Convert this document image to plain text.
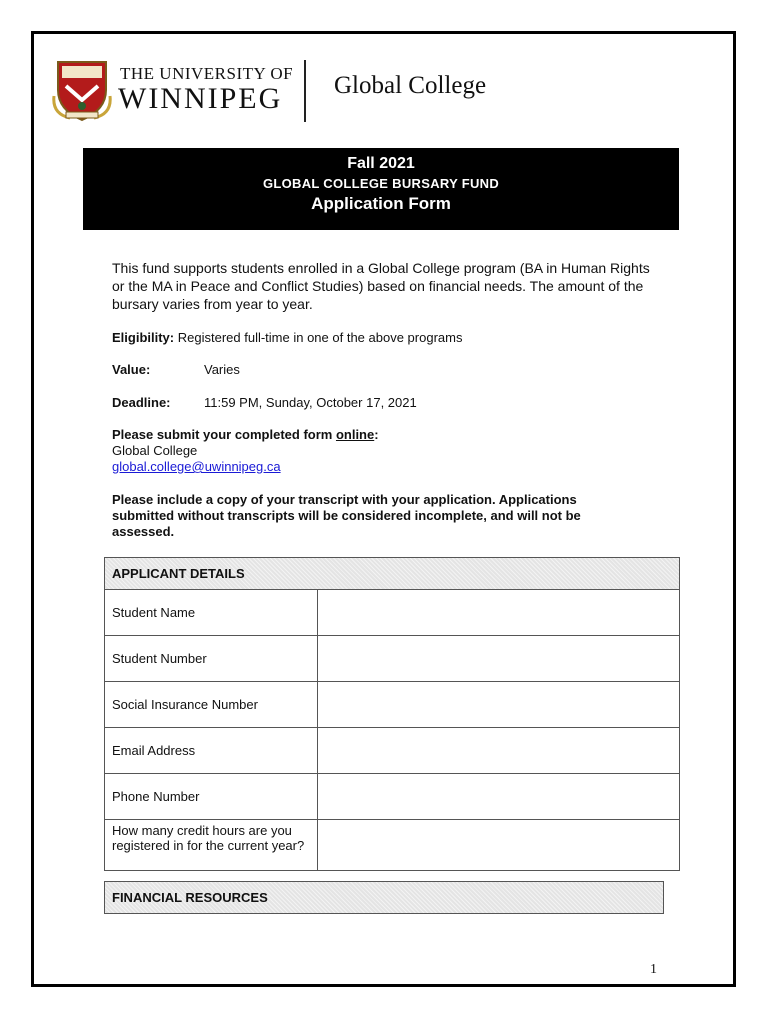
THE UNIVERSITY OF
WINNIPEG Global College
Fall 2021
GLOBAL COLLEGE BURSARY FUND
Application Form
This fund supports students enrolled in a Global College program (BA in Human Rights or the MA in Peace and Conflict Studies) based on financial needs. The amount of the bursary varies from year to year.
Eligibility: Registered full-time in one of the above programs
Value:	Varies
Deadline:	11:59 PM, Sunday, October 17, 2021
Please submit your completed form online:
Global College
global.college@uwinnipeg.ca
Please include a copy of your transcript with your application. Applications submitted without transcripts will be considered incomplete, and will not be assessed.
APPLICANT DETAILS
Student Name
Student Number
Social Insurance Number
Email Address
Phone Number
How many credit hours are you registered in for the current year?
FINANCIAL RESOURCES
1
